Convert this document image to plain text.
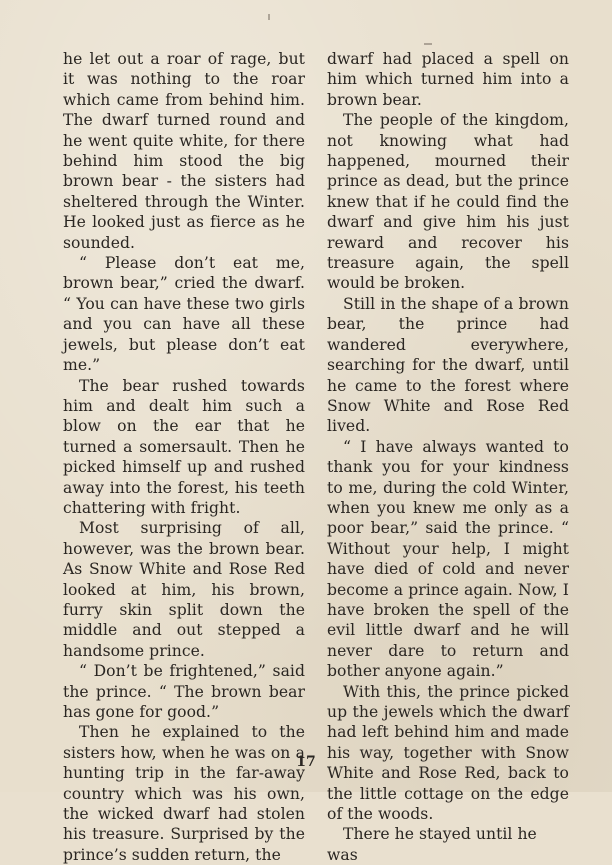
he let out a roar of rage, but it was nothing to the roar which came from behind him. The dwarf turned round and he went quite white, for there behind him stood the big brown bear - the sisters had sheltered through the Winter. He looked just as fierce as he sounded.

“ Please don’t eat me, brown bear,” cried the dwarf. “ You can have these two girls and you can have all these jewels, but please don’t eat me.”

The bear rushed towards him and dealt him such a blow on the ear that he turned a somersault. Then he picked himself up and rushed away into the forest, his teeth chattering with fright.

Most surprising of all, however, was the brown bear. As Snow White and Rose Red looked at him, his brown, furry skin split down the middle and out stepped a handsome prince.

“ Don’t be frightened,” said the prince. “ The brown bear has gone for good.”

Then he explained to the sisters how, when he was on a hunting trip in the far-away country which was his own, the wicked dwarf had stolen his treasure. Surprised by the prince’s sudden return, the

dwarf had placed a spell on him which turned him into a brown bear.

The people of the kingdom, not knowing what had happened, mourned their prince as dead, but the prince knew that if he could find the dwarf and give him his just reward and recover his treasure again, the spell would be broken.

Still in the shape of a brown bear, the prince had wandered everywhere, searching for the dwarf, until he came to the forest where Snow White and Rose Red lived.

“ I have always wanted to thank you for your kindness to me, during the cold Winter, when you knew me only as a poor bear,” said the prince. “ Without your help, I might have died of cold and never become a prince again. Now, I have broken the spell of the evil little dwarf and he will never dare to return and bother anyone again.”

With this, the prince picked up the jewels which the dwarf had left behind him and made his way, together with Snow White and Rose Red, back to the little cottage on the edge of the woods.

There he stayed until he was

17
